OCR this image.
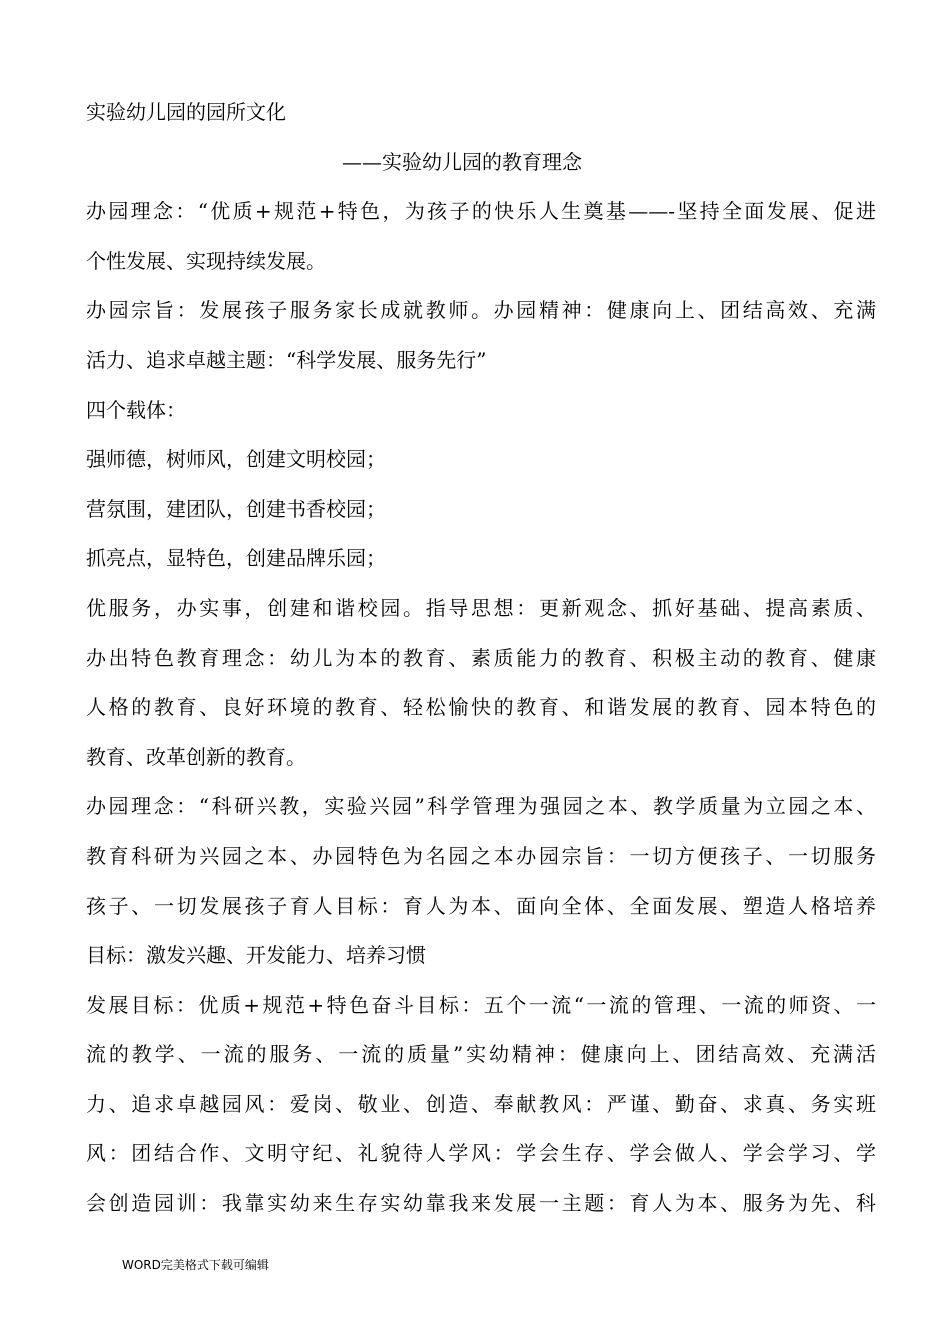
实验幼儿园的园所文化
——实验幼儿园的教育理念
办园理念：“优质+规范+特色，为孩子的快乐人生奠基——-坚持全面发展、促进
个性发展、实现持续发展。
办园宗旨：发展孩子服务家长成就教师。办园精神：健康向上、团结高效、充满
活力、追求卓越主题：“科学发展、服务先行”
四个载体：
强师德，树师风，创建文明校园；
营氛围，建团队，创建书香校园；
抓亮点，显特色，创建品牌乐园；
优服务，办实事，创建和谐校园。指导思想：更新观念、抓好基础、提高素质、
办出特色教育理念：幼儿为本的教育、素质能力的教育、积极主动的教育、健康
人格的教育、良好环境的教育、轻松愉快的教育、和谐发展的教育、园本特色的
教育、改革创新的教育。
办园理念：“科研兴教，实验兴园”科学管理为强园之本、教学质量为立园之本、
教育科研为兴园之本、办园特色为名园之本办园宗旨：一切方便孩子、一切服务
孩子、一切发展孩子育人目标：育人为本、面向全体、全面发展、塑造人格培养
目标：激发兴趣、开发能力、培养习惯
发展目标：优质+规范+特色奋斗目标：五个一流“一流的管理、一流的师资、一
流的教学、一流的服务、一流的质量”实幼精神：健康向上、团结高效、充满活
力、追求卓越园风：爱岗、敬业、创造、奉献教风：严谨、勤奋、求真、务实班
风：团结合作、文明守纪、礼貌待人学风：学会生存、学会做人、学会学习、学
会创造园训：我靠实幼来生存实幼靠我来发展一主题：育人为本、服务为先、科
WORD完美格式下载可编辑
